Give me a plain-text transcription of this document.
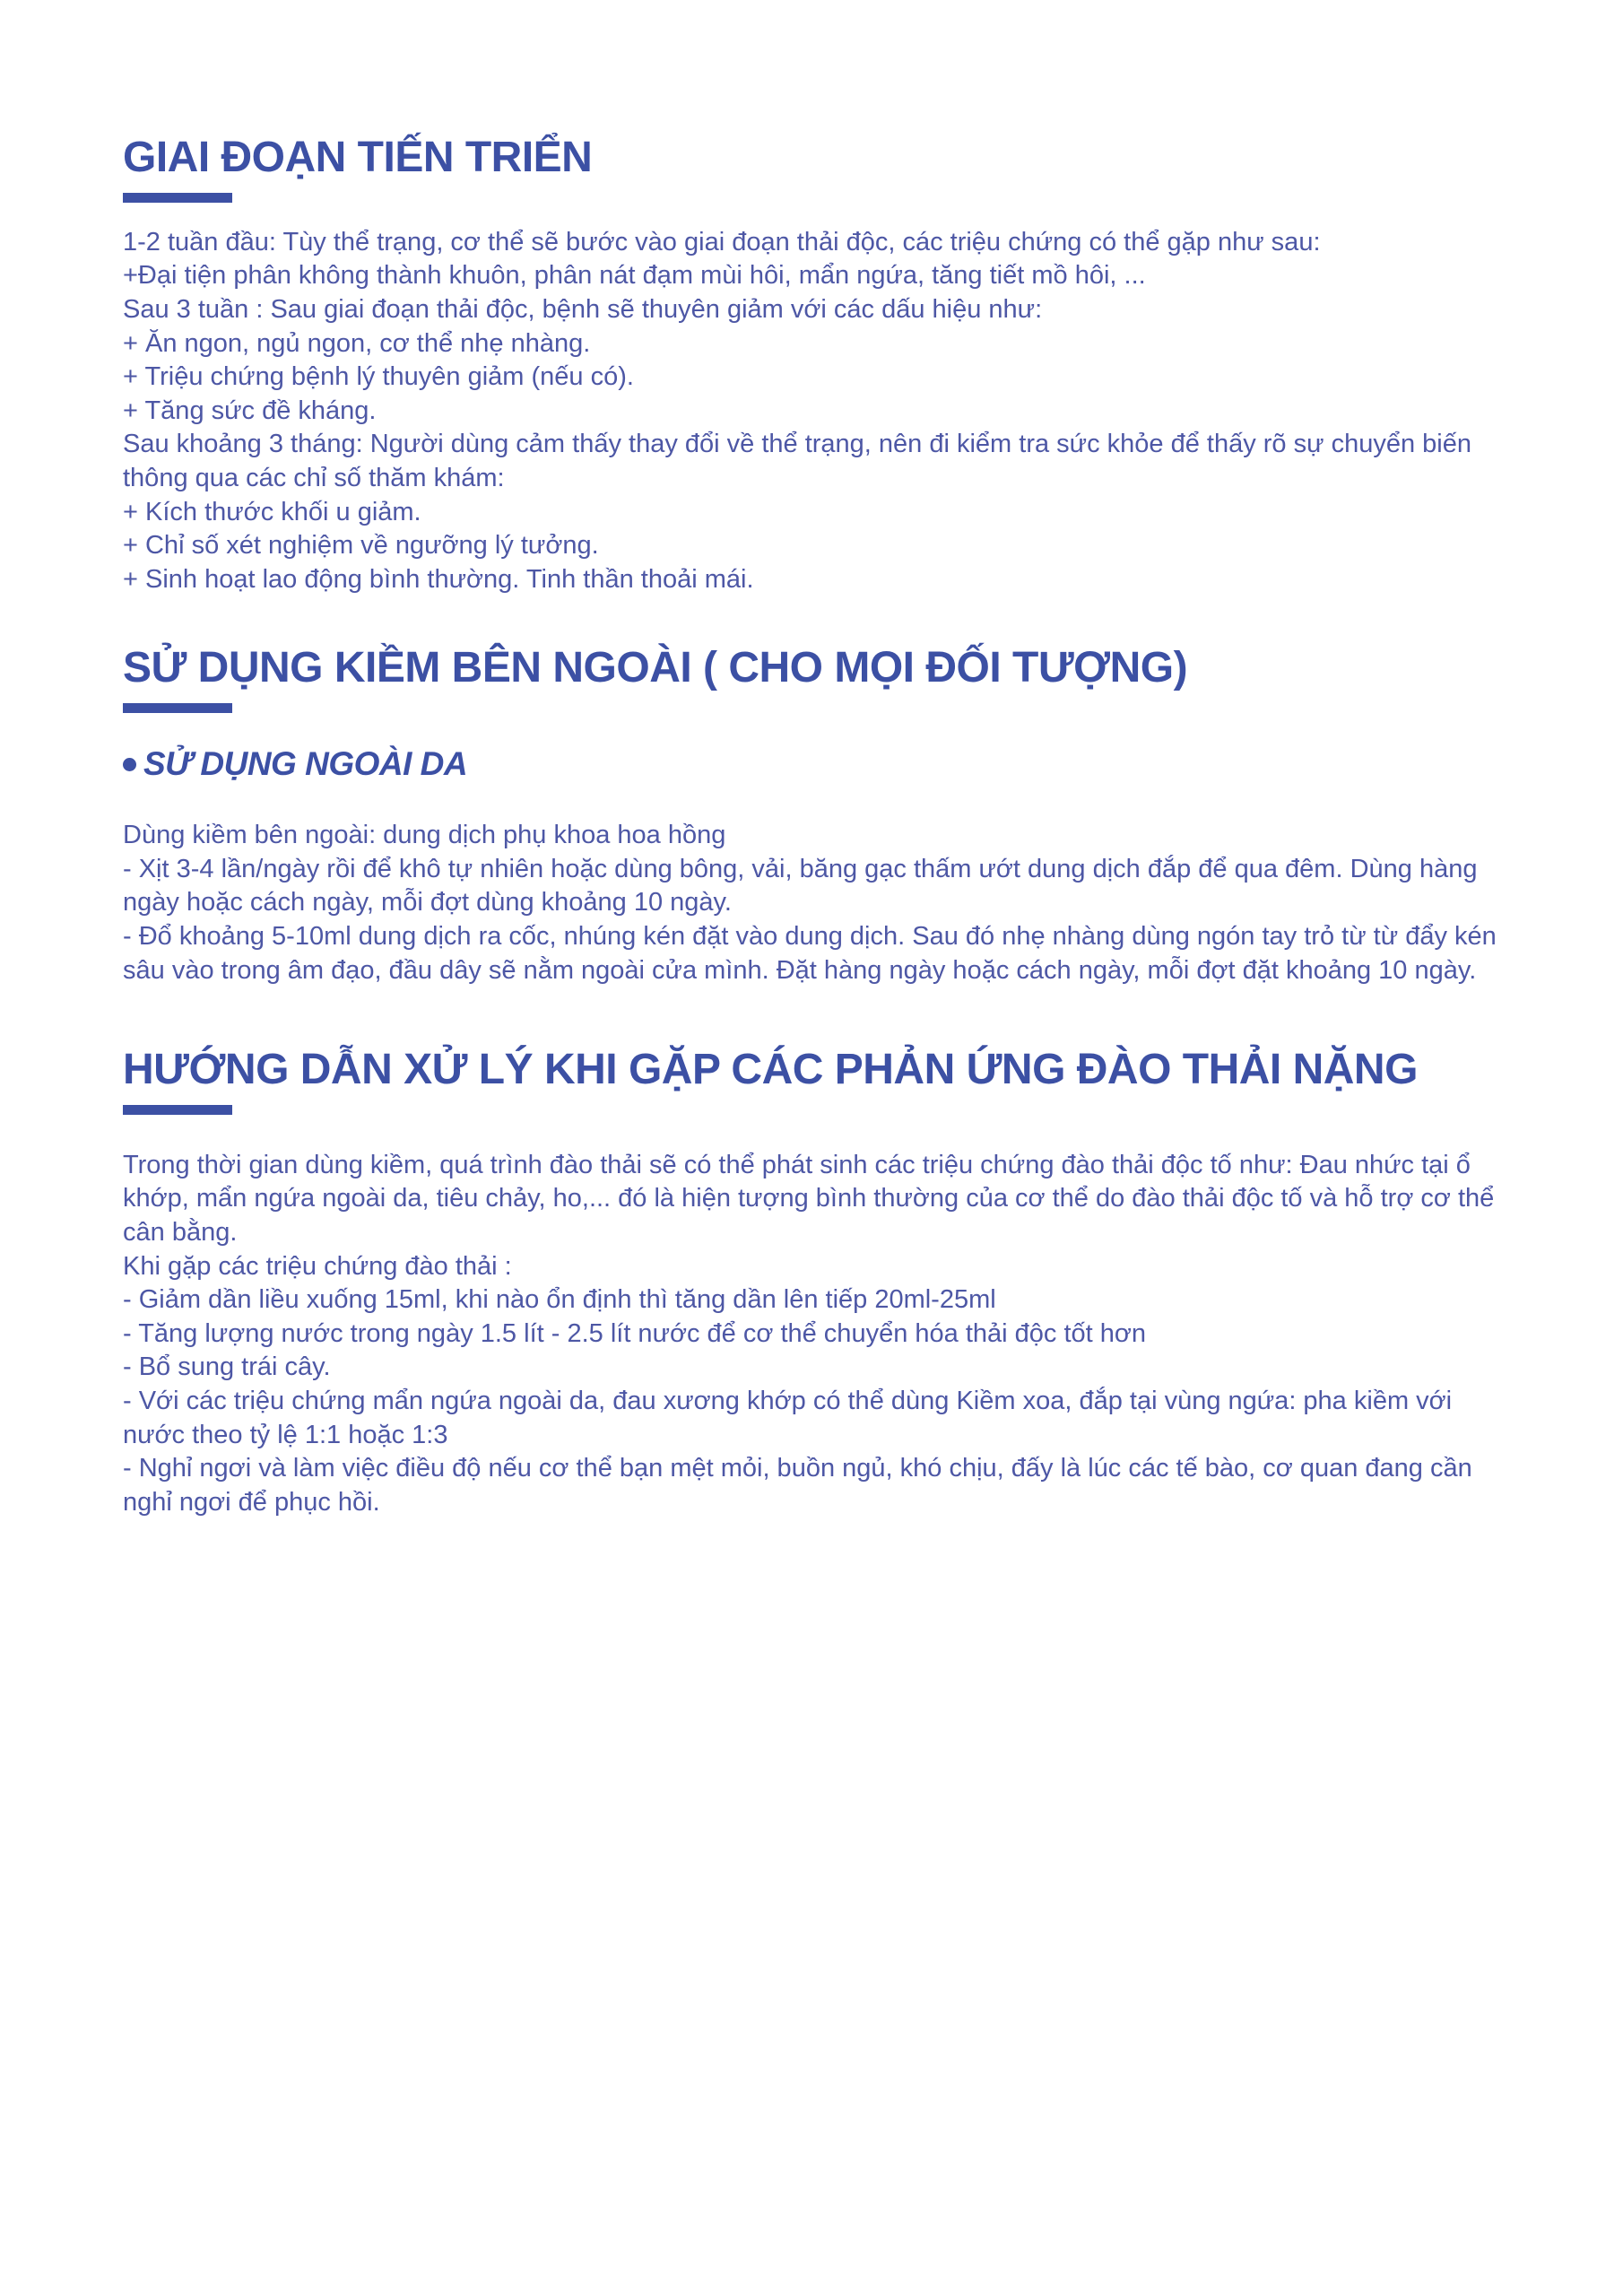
GIAI ĐOẠN TIẾN TRIỂN

1-2 tuần đầu: Tùy thể trạng, cơ thể sẽ bước vào giai đoạn thải độc, các triệu chứng có thể gặp như sau:

+Đại tiện phân không thành khuôn, phân nát đạm mùi hôi, mẩn ngứa, tăng tiết mồ hôi, ...

Sau 3 tuần : Sau giai đoạn thải độc, bệnh sẽ thuyên giảm với các dấu hiệu như:

+ Ăn ngon, ngủ ngon, cơ thể nhẹ nhàng.

+ Triệu chứng bệnh lý thuyên giảm (nếu có).

+ Tăng sức đề kháng.

Sau khoảng 3 tháng: Người dùng cảm thấy thay đổi về thể trạng, nên đi kiểm tra sức khỏe để thấy rõ sự chuyển biến thông qua các chỉ số thăm khám:

+ Kích thước khối u giảm.

+ Chỉ số xét nghiệm về ngưỡng lý tưởng.

+ Sinh hoạt lao động bình thường. Tinh thần thoải mái.

SỬ DỤNG KIỀM BÊN NGOÀI ( CHO MỌI ĐỐI TƯỢNG)
SỬ DỤNG NGOÀI DA

Dùng kiềm bên ngoài: dung dịch phụ khoa hoa hồng

- Xịt 3-4 lần/ngày rồi để khô tự nhiên hoặc dùng bông, vải, băng gạc thấm ướt dung dịch đắp để qua đêm. Dùng hàng ngày hoặc cách ngày, mỗi đợt dùng khoảng 10 ngày.

- Đổ khoảng 5-10ml dung dịch ra cốc, nhúng kén đặt vào dung dịch. Sau đó nhẹ nhàng dùng ngón tay trỏ từ từ đẩy kén sâu vào trong âm đạo, đầu dây sẽ nằm ngoài cửa mình. Đặt hàng ngày hoặc cách ngày, mỗi đợt đặt khoảng 10 ngày.

HƯỚNG DẪN XỬ LÝ KHI GẶP CÁC PHẢN ỨNG ĐÀO THẢI NẶNG

Trong thời gian dùng kiềm, quá trình đào thải sẽ có thể phát sinh các triệu chứng đào thải độc tố như: Đau nhức tại ổ khớp, mẩn ngứa ngoài da, tiêu chảy, ho,... đó là hiện tượng bình thường của cơ thể do đào thải độc tố và hỗ trợ cơ thể cân bằng.

Khi gặp các triệu chứng đào thải :

- Giảm dần liều xuống 15ml, khi nào ổn định thì tăng dần lên tiếp 20ml-25ml

- Tăng lượng nước trong ngày 1.5 lít - 2.5 lít nước để cơ thể chuyển hóa thải độc tốt hơn

- Bổ sung trái cây.

- Với các triệu chứng mẩn ngứa ngoài da, đau xương khớp có thể dùng Kiềm xoa, đắp tại vùng ngứa: pha kiềm với nước theo tỷ lệ 1:1 hoặc 1:3

- Nghỉ ngơi và làm việc điều độ nếu cơ thể bạn mệt mỏi, buồn ngủ, khó chịu, đấy là lúc các tế bào, cơ quan đang cần nghỉ ngơi để phục hồi.
